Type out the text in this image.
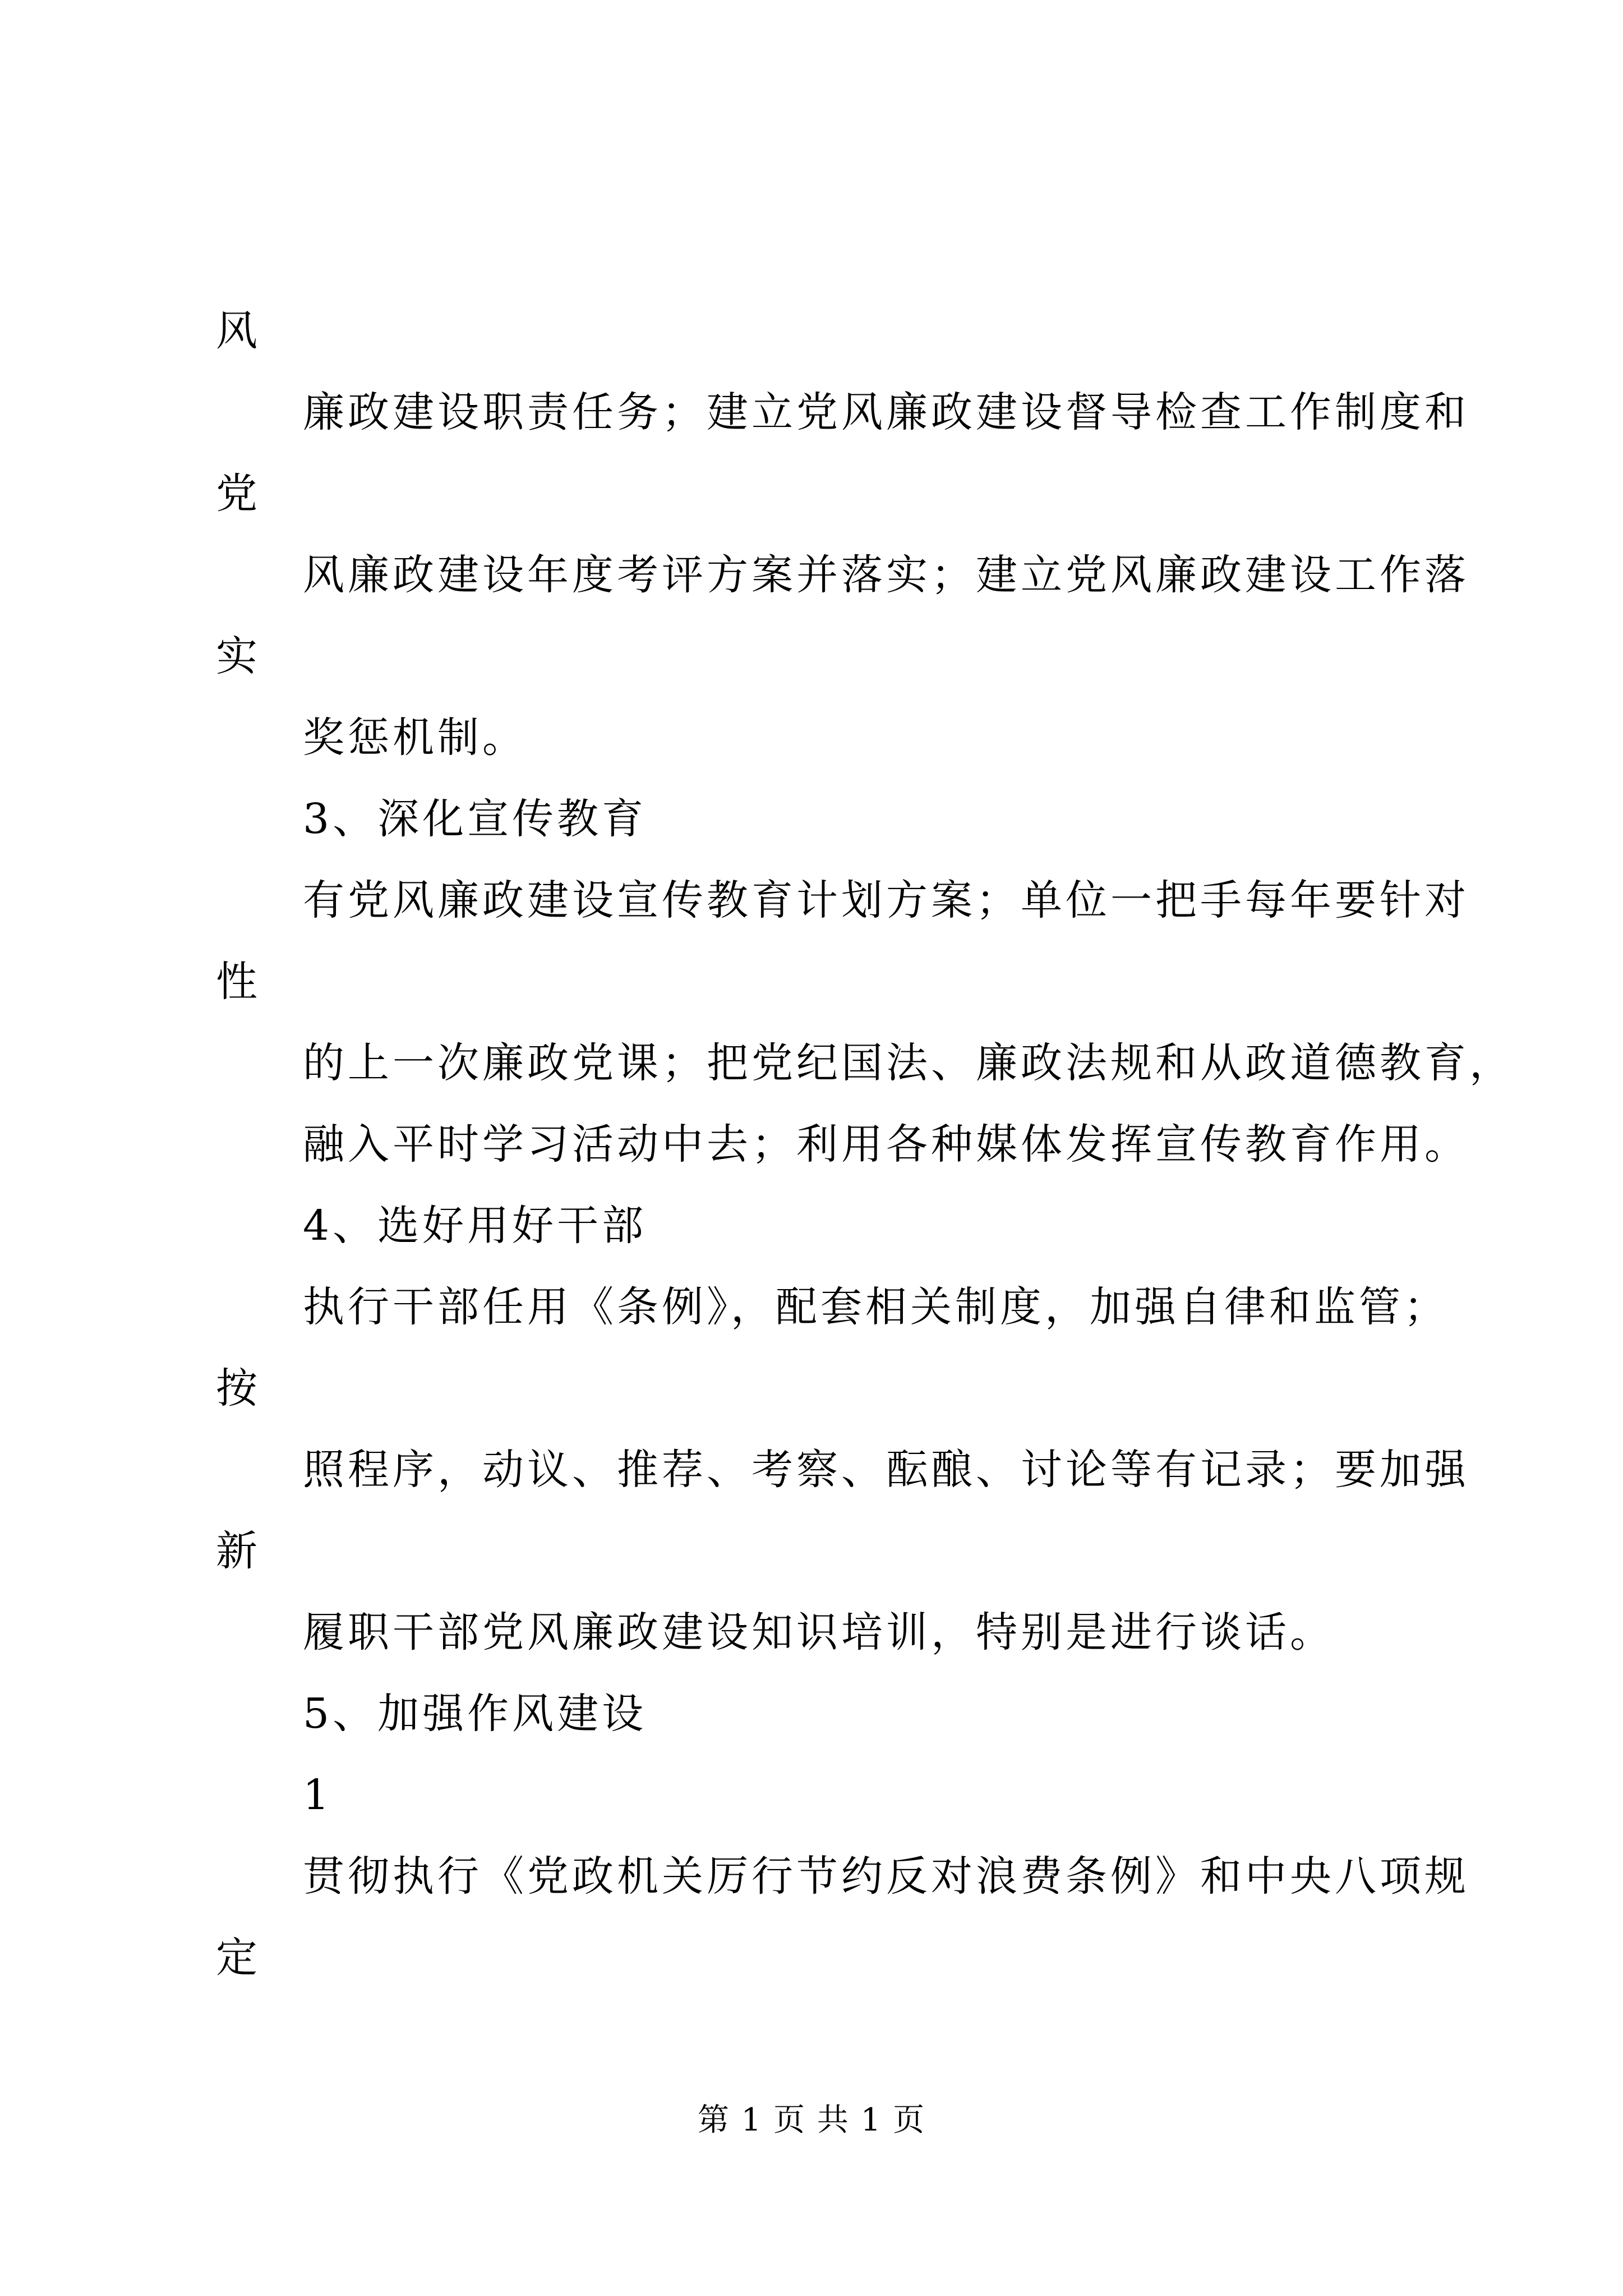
风
廉政建设职责任务；建立党风廉政建设督导检查工作制度和
党
风廉政建设年度考评方案并落实；建立党风廉政建设工作落
实
奖惩机制。
3、深化宣传教育
有党风廉政建设宣传教育计划方案；单位一把手每年要针对
性
的上一次廉政党课；把党纪国法、廉政法规和从政道德教育，
融入平时学习活动中去；利用各种媒体发挥宣传教育作用。
4、选好用好干部
执行干部任用《条例》，配套相关制度，加强自律和监管；
按
照程序，动议、推荐、考察、酝酿、讨论等有记录；要加强
新
履职干部党风廉政建设知识培训，特别是进行谈话。
5、加强作风建设
1
贯彻执行《党政机关厉行节约反对浪费条例》和中央八项规
定
第 1 页 共 1 页
